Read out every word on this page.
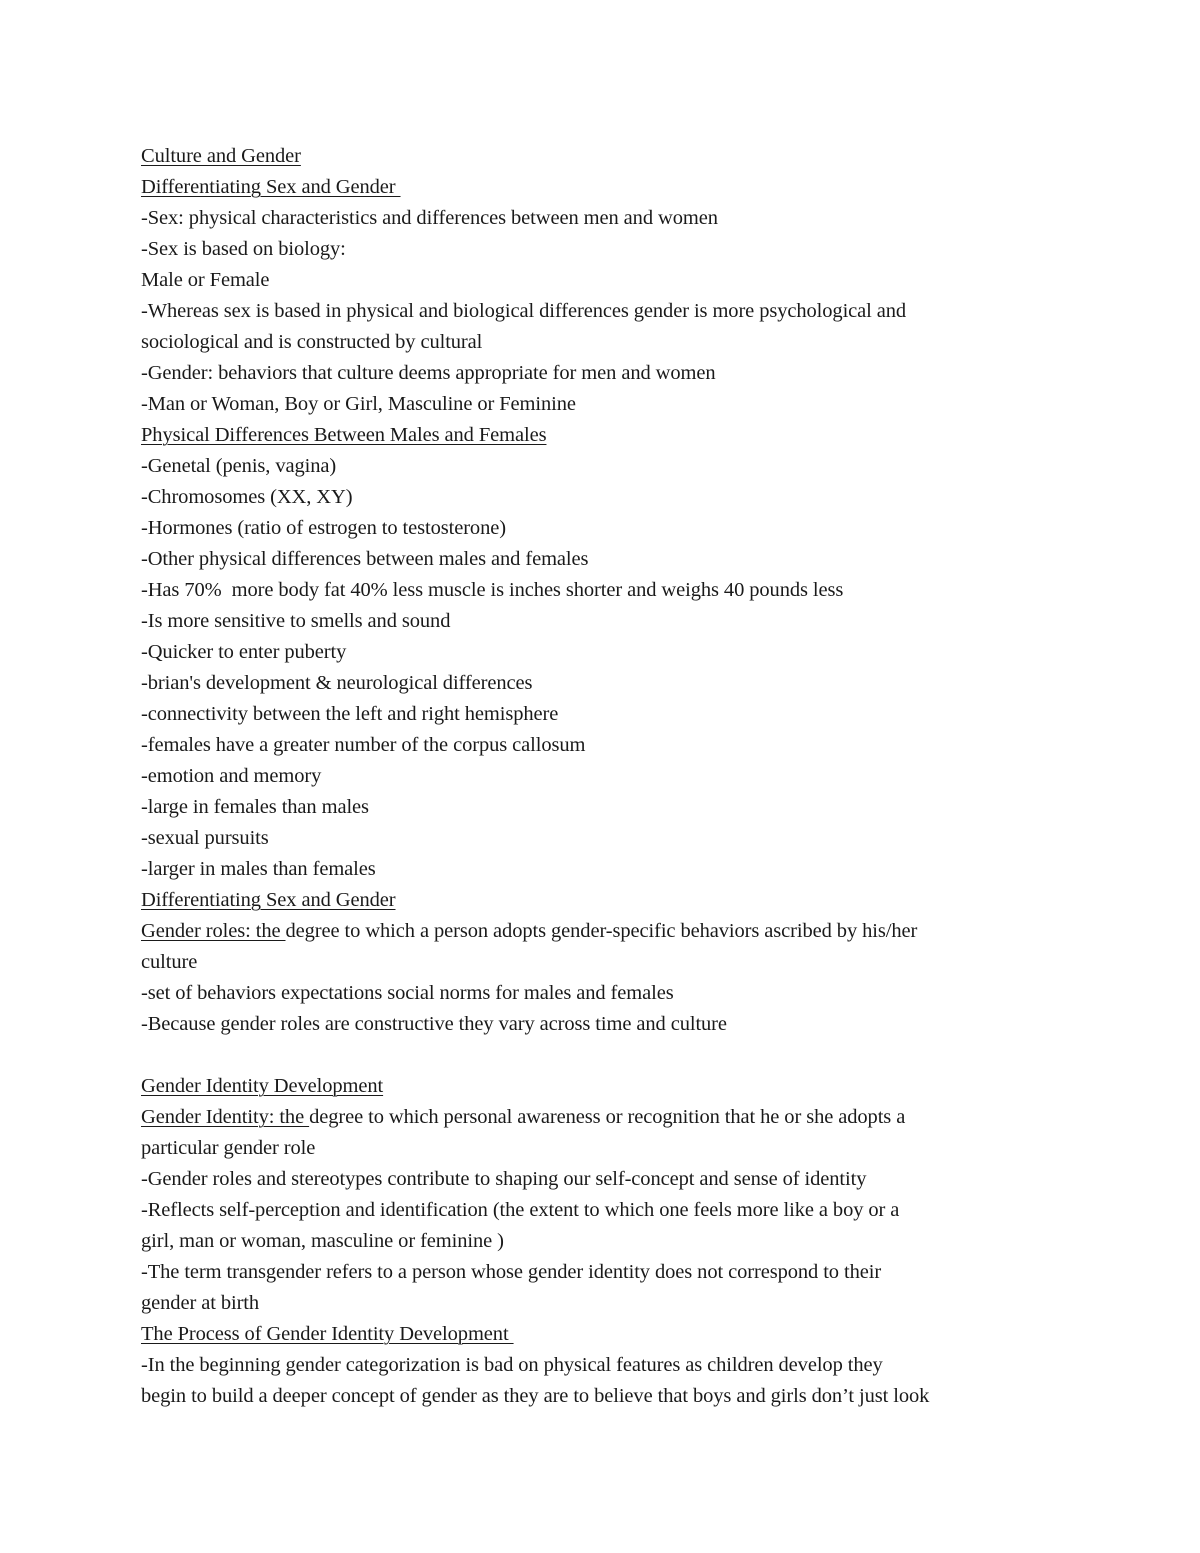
Culture and Gender
Differentiating Sex and Gender
-Sex: physical characteristics and differences between men and women
-Sex is based on biology:
Male or Female
-Whereas sex is based in physical and biological differences gender is more psychological and
sociological and is constructed by cultural
-Gender: behaviors that culture deems appropriate for men and women
-Man or Woman, Boy or Girl, Masculine or Feminine
Physical Differences Between Males and Females
-Genetal (penis, vagina)
-Chromosomes (XX, XY)
-Hormones (ratio of estrogen to testosterone)
-Other physical differences between males and females
-Has 70%  more body fat 40% less muscle is inches shorter and weighs 40 pounds less
-Is more sensitive to smells and sound
-Quicker to enter puberty
-brian's development & neurological differences
-connectivity between the left and right hemisphere
-females have a greater number of the corpus callosum
-emotion and memory
-large in females than males
-sexual pursuits
-larger in males than females
Differentiating Sex and Gender
Gender roles: the degree to which a person adopts gender-specific behaviors ascribed by his/her
culture
-set of behaviors expectations social norms for males and females
-Because gender roles are constructive they vary across time and culture
Gender Identity Development
Gender Identity: the degree to which personal awareness or recognition that he or she adopts a
particular gender role
-Gender roles and stereotypes contribute to shaping our self-concept and sense of identity
-Reflects self-perception and identification (the extent to which one feels more like a boy or a
girl, man or woman, masculine or feminine )
-The term transgender refers to a person whose gender identity does not correspond to their
gender at birth
The Process of Gender Identity Development
-In the beginning gender categorization is bad on physical features as children develop they
begin to build a deeper concept of gender as they are to believe that boys and girls don’t just look
